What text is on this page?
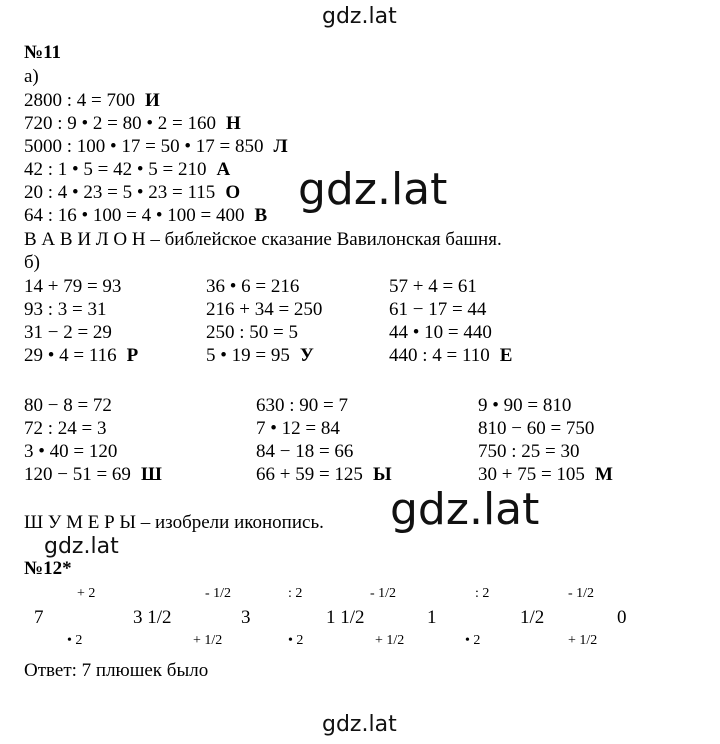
gdz.lat
gdz.lat
gdz.lat
gdz.lat
gdz.lat
№11
а)
2800 : 4 = 700 И
720 : 9 • 2 = 80 • 2 = 160 Н
5000 : 100 • 17 = 50 • 17 = 850 Л
42 : 1 • 5 = 42 • 5 = 210 А
20 : 4 • 23 = 5 • 23 = 115 О
64 : 16 • 100 = 4 • 100 = 400 В
В А В И Л О Н – библейское сказание Вавилонская башня.
б)
14 + 79 = 93	36 • 6 = 216	57 + 4 = 61
93 : 3 = 31	216 + 34 = 250	61 − 17 = 44
31 − 2 = 29	250 : 50 = 5	44 • 10 = 440
29 • 4 = 116 Р	5 • 19 = 95 У	440 : 4 = 110 Е
80 − 8 = 72	630 : 90 = 7	9 • 90 = 810
72 : 24 = 3	7 • 12 = 84	810 − 60 = 750
3 • 40 = 120	84 − 18 = 66	750 : 25 = 30
120 − 51 = 69 Ш	66 + 59 = 125 Ы	30 + 75 = 105 М
Ш У М Е Р Ы – изобрели иконопись.
№12*
+ 2	- 1/2	: 2	- 1/2	: 2	- 1/2
7	3 1/2	3	1 1/2	1	1/2	0
• 2	+ 1/2	• 2	+ 1/2	• 2	+ 1/2
Ответ: 7 плюшек было
